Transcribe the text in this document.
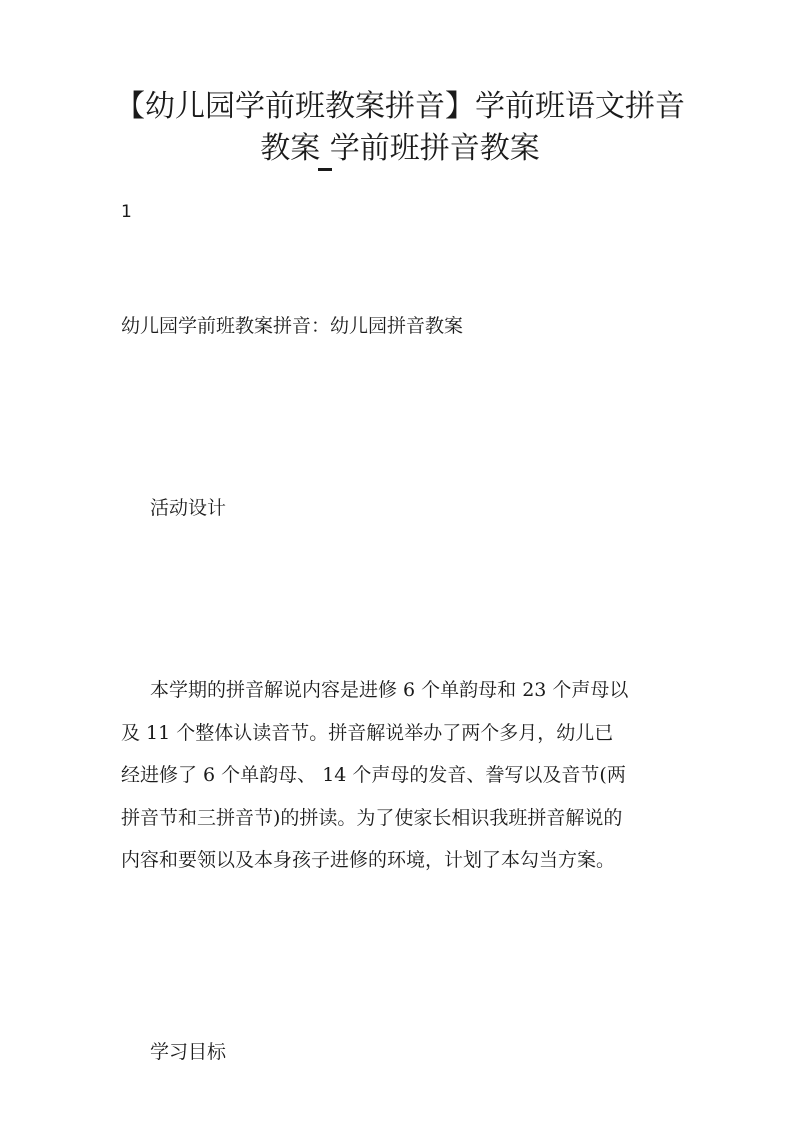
【幼儿园学前班教案拼音】学前班语文拼音
教案 学前班拼音教案
1
幼儿园学前班教案拼音：幼儿园拼音教案
活动设计
本学期的拼音解说内容是进修 6 个单韵母和 23 个声母以
及 11 个整体认读音节。拼音解说举办了两个多月，幼儿已
经进修了 6 个单韵母、 14 个声母的发音、誊写以及音节(两
拼音节和三拼音节)的拼读。为了使家长相识我班拼音解说的
内容和要领以及本身孩子进修的环境，计划了本勾当方案。
学习目标
